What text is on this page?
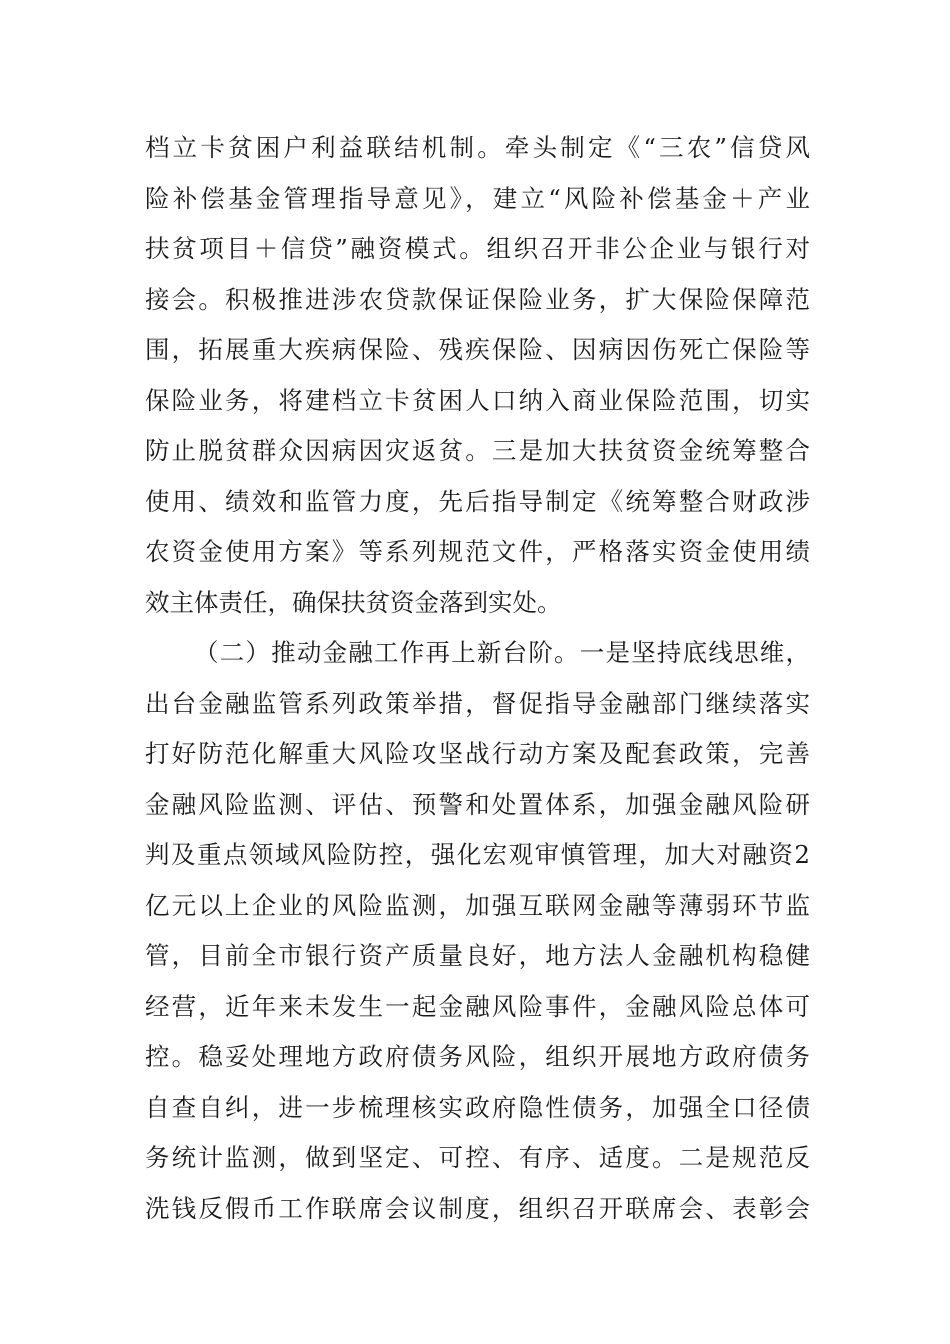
档立卡贫困户利益联结机制。牵头制定《“三农”信贷风
险补偿基金管理指导意见》，建立“风险补偿基金＋产业
扶贫项目＋信贷”融资模式。组织召开非公企业与银行对
接会。积极推进涉农贷款保证保险业务，扩大保险保障范
围，拓展重大疾病保险、残疾保险、因病因伤死亡保险等
保险业务，将建档立卡贫困人口纳入商业保险范围，切实
防止脱贫群众因病因灾返贫。三是加大扶贫资金统筹整合
使用、绩效和监管力度，先后指导制定《统筹整合财政涉
农资金使用方案》等系列规范文件，严格落实资金使用绩
效主体责任，确保扶贫资金落到实处。
（二）推动金融工作再上新台阶。一是坚持底线思维，
出台金融监管系列政策举措，督促指导金融部门继续落实
打好防范化解重大风险攻坚战行动方案及配套政策，完善
金融风险监测、评估、预警和处置体系，加强金融风险研
判及重点领域风险防控，强化宏观审慎管理，加大对融资2
亿元以上企业的风险监测，加强互联网金融等薄弱环节监
管，目前全市银行资产质量良好，地方法人金融机构稳健
经营，近年来未发生一起金融风险事件，金融风险总体可
控。稳妥处理地方政府债务风险，组织开展地方政府债务
自查自纠，进一步梳理核实政府隐性债务，加强全口径债
务统计监测，做到坚定、可控、有序、适度。二是规范反
洗钱反假币工作联席会议制度，组织召开联席会、表彰会
